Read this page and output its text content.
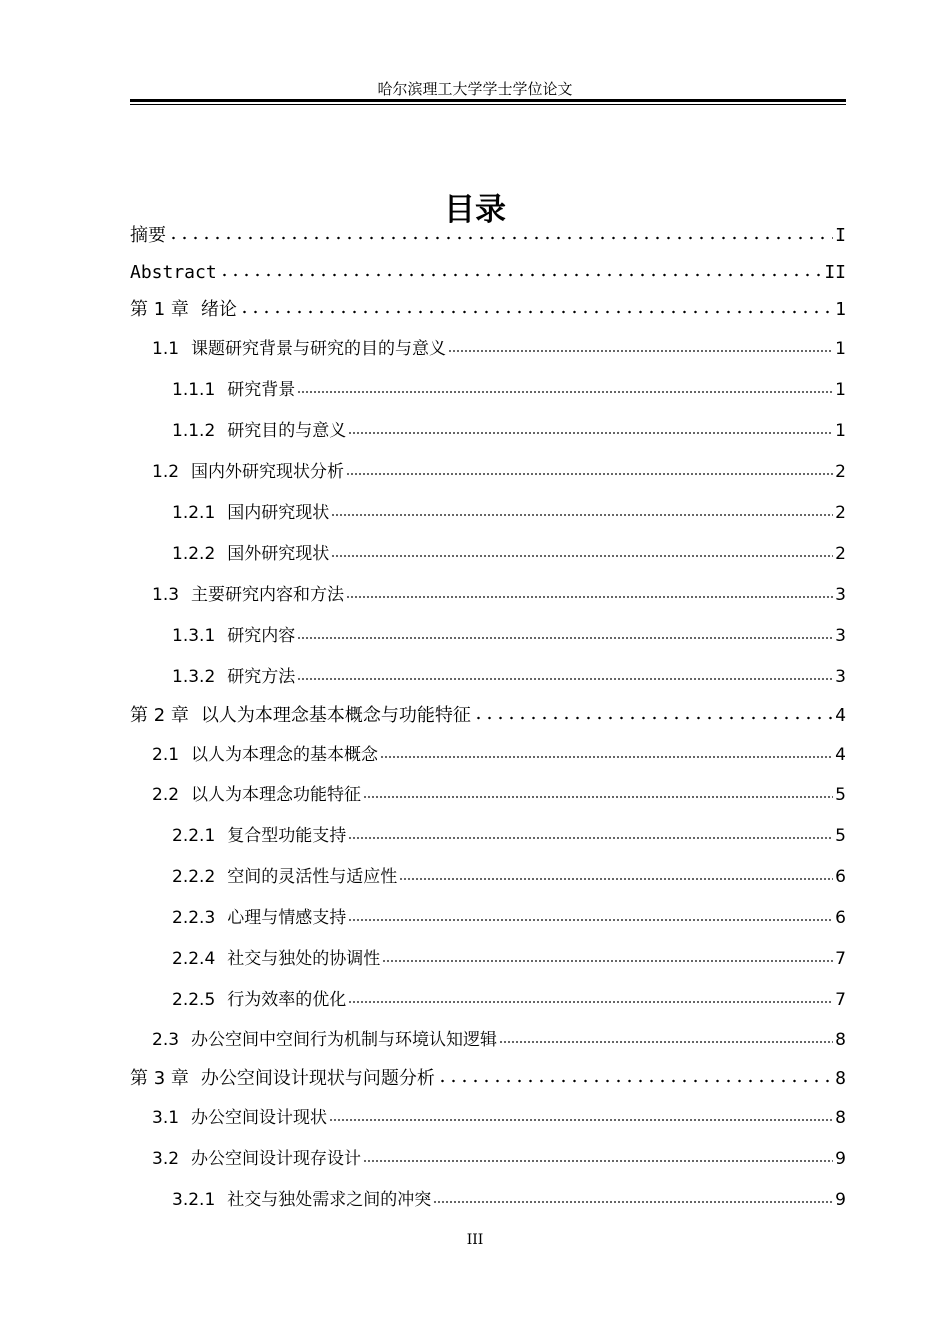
哈尔滨理工大学学士学位论文
目录
摘要	I
Abstract	II
第 1 章 绪论	1
1.1 课题研究背景与研究的目的与意义	1
1.1.1 研究背景	1
1.1.2 研究目的与意义	1
1.2 国内外研究现状分析	2
1.2.1 国内研究现状	2
1.2.2 国外研究现状	2
1.3 主要研究内容和方法	3
1.3.1 研究内容	3
1.3.2 研究方法	3
第 2 章 以人为本理念基本概念与功能特征	4
2.1 以人为本理念的基本概念	4
2.2 以人为本理念功能特征	5
2.2.1 复合型功能支持	5
2.2.2 空间的灵活性与适应性	6
2.2.3 心理与情感支持	6
2.2.4 社交与独处的协调性	7
2.2.5 行为效率的优化	7
2.3 办公空间中空间行为机制与环境认知逻辑	8
第 3 章 办公空间设计现状与问题分析	8
3.1 办公空间设计现状	8
3.2 办公空间设计现存设计	9
3.2.1 社交与独处需求之间的冲突	9
III
